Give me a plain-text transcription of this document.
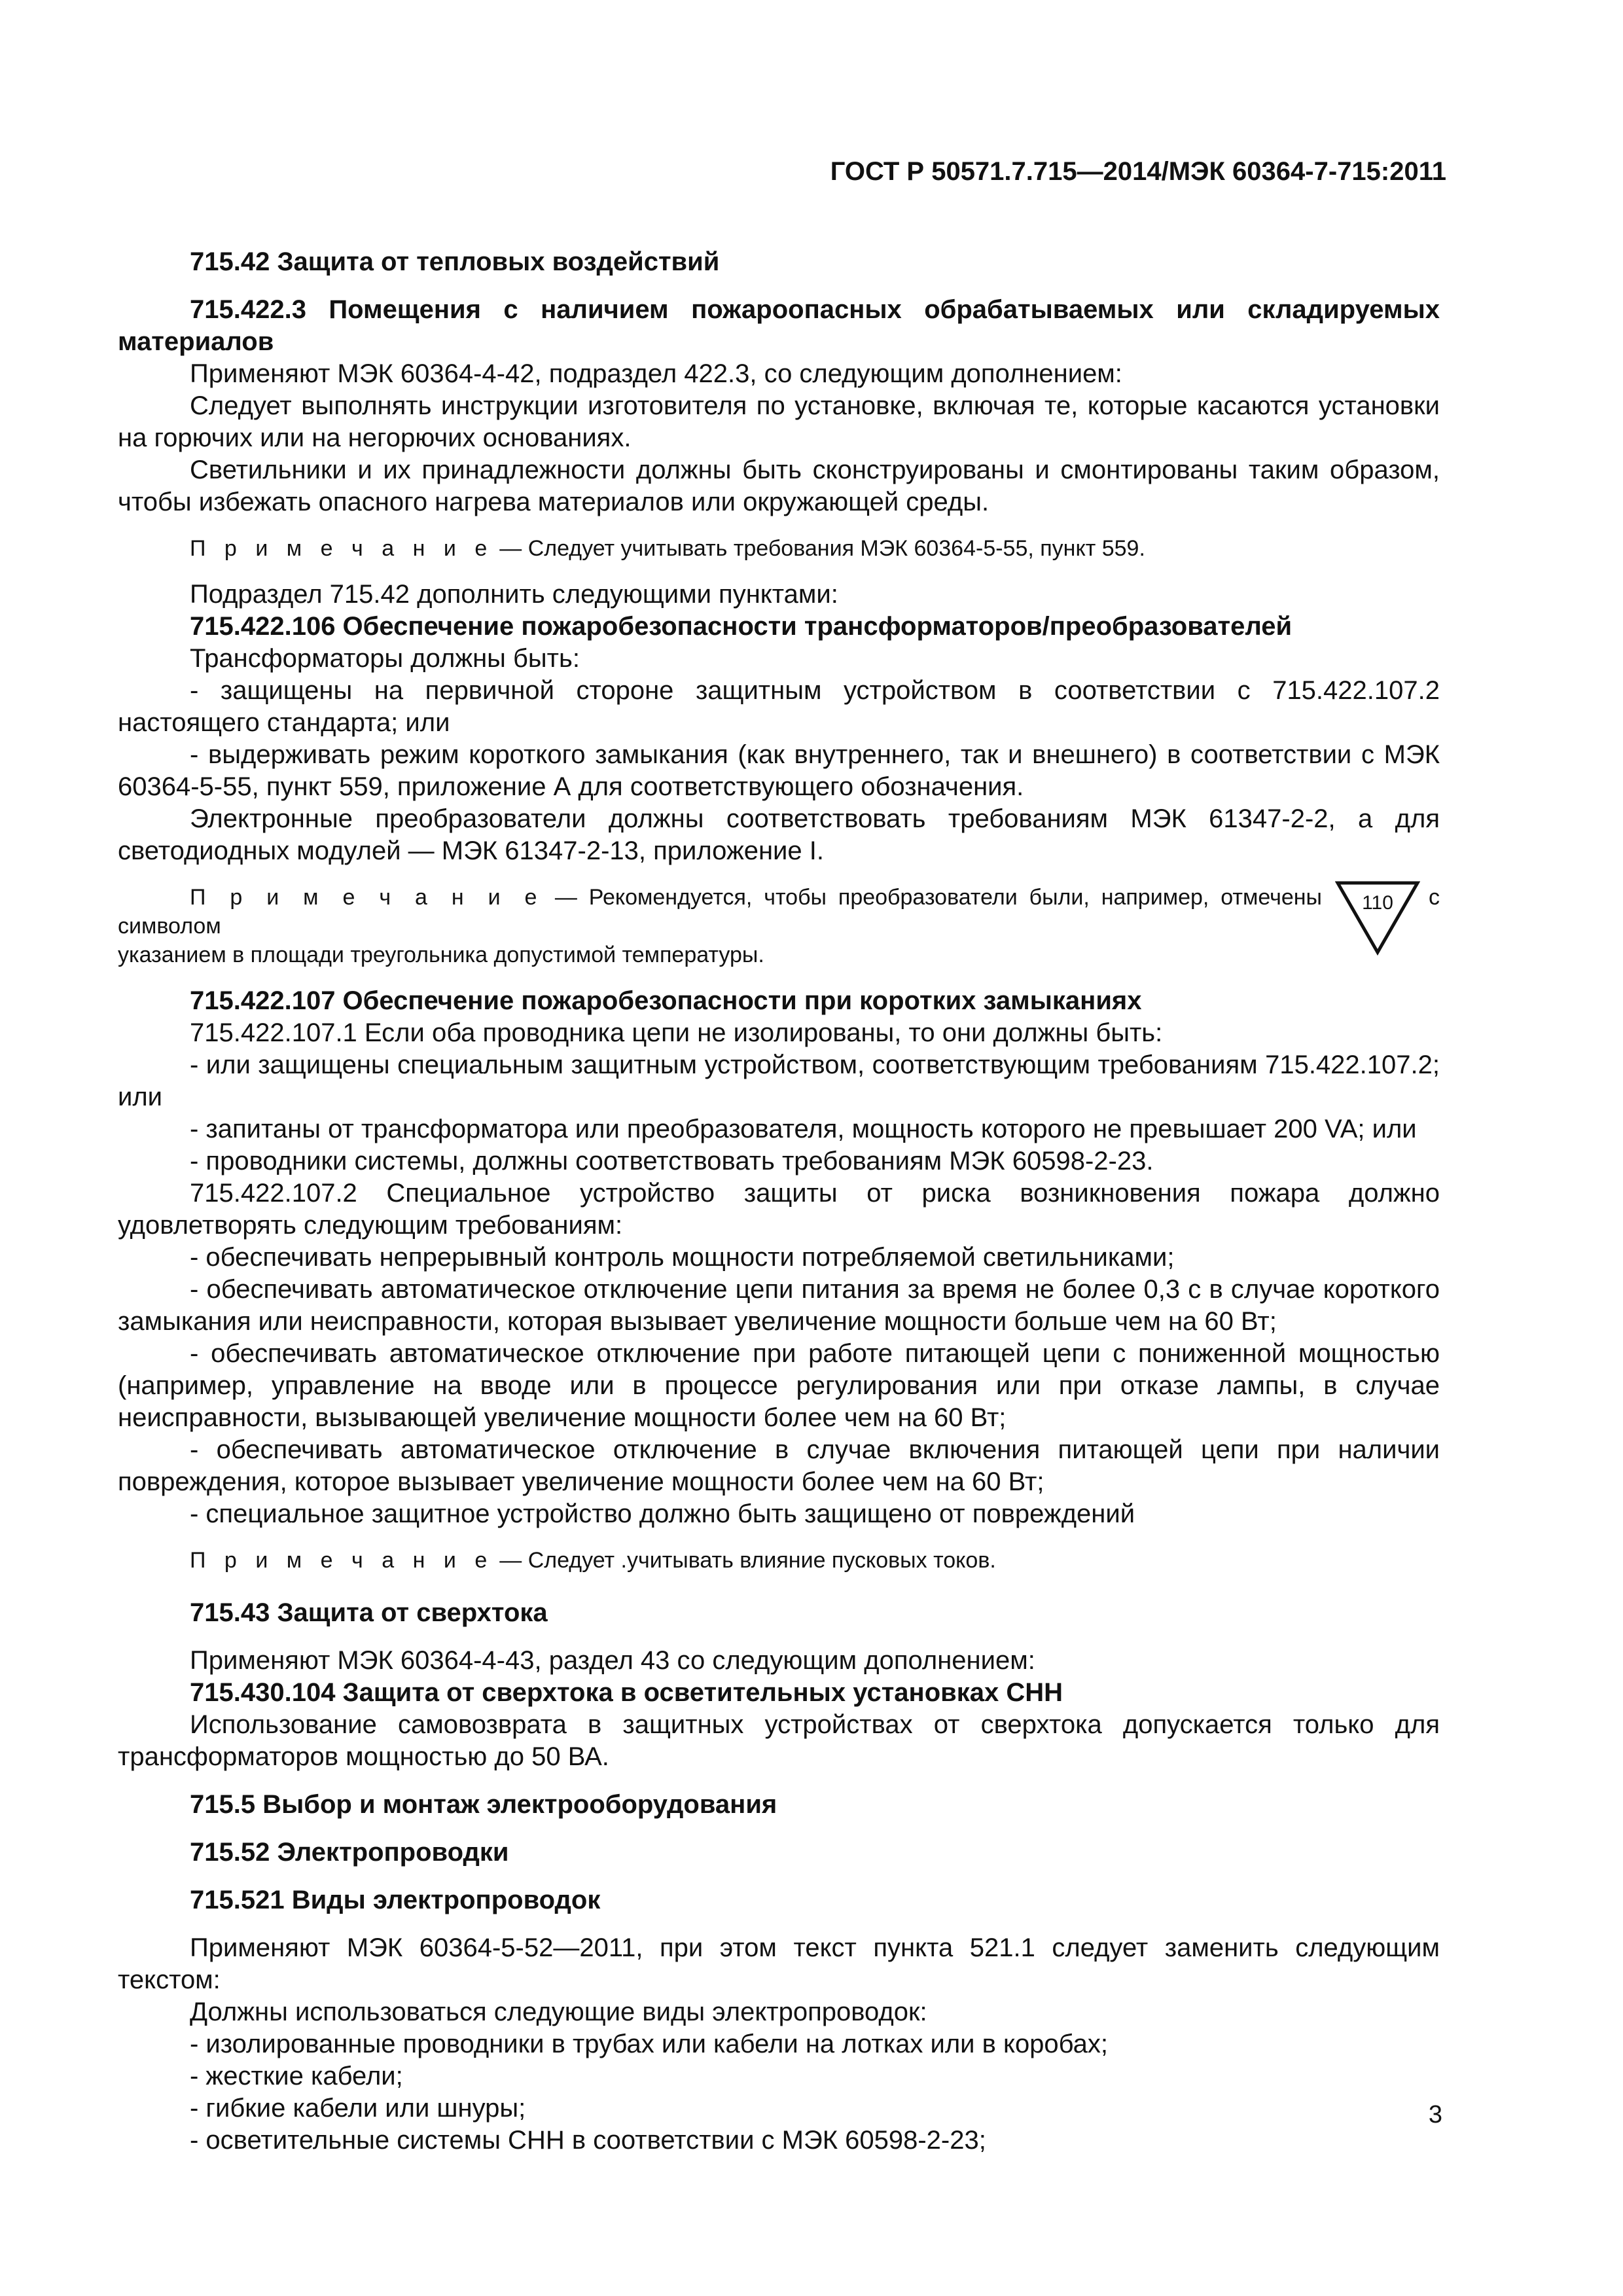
ГОСТ Р 50571.7.715—2014/МЭК 60364-7-715:2011

715.42 Защита от тепловых воздействий

715.422.3 Помещения с наличием пожароопасных обрабатываемых или складируемых материалов

Применяют МЭК 60364-4-42, подраздел 422.3, со следующим дополнением:

Следует выполнять инструкции изготовителя по установке, включая те, которые касаются установки на горючих или на негорючих основаниях.

Светильники и их принадлежности должны быть сконструированы и смонтированы таким образом, чтобы избежать опасного нагрева материалов или окружающей среды.

П р и м е ч а н и е — Следует учитывать требования МЭК 60364-5-55, пункт 559.

Подраздел 715.42 дополнить следующими пунктами:

715.422.106 Обеспечение пожаробезопасности трансформаторов/преобразователей

Трансформаторы должны быть:

- защищены на первичной стороне защитным устройством в соответствии с 715.422.107.2 настоящего стандарта; или

- выдерживать режим короткого замыкания (как внутреннего, так и внешнего) в соответствии с МЭК 60364-5-55, пункт 559, приложение А для соответствующего обозначения.

Электронные преобразователи должны соответствовать требованиям МЭК 61347-2-2, а для светодиодных модулей — МЭК 61347-2-13, приложение I.

П р и м е ч а н и е — Рекомендуется, чтобы преобразователи были, например, отмечены символом
110	с

указанием в площади треугольника допустимой температуры.

715.422.107 Обеспечение пожаробезопасности при коротких замыканиях

715.422.107.1 Если оба проводника цепи не изолированы, то они должны быть:

- или защищены специальным защитным устройством, соответствующим требованиям 715.422.107.2; или

- запитаны от трансформатора или преобразователя, мощность которого не превышает 200 VA; или

- проводники системы, должны соответствовать требованиям МЭК 60598-2-23.

715.422.107.2 Специальное устройство защиты от риска возникновения пожара должно удовлетворять следующим требованиям:

- обеспечивать непрерывный контроль мощности потребляемой светильниками;

- обеспечивать автоматическое отключение цепи питания за время не более 0,3 с в случае короткого замыкания или неисправности, которая вызывает увеличение мощности больше чем на 60 Вт;

- обеспечивать автоматическое отключение при работе питающей цепи с пониженной мощностью (например, управление на вводе или в процессе регулирования или при отказе лампы, в случае неисправности, вызывающей увеличение мощности более чем на 60 Вт;

- обеспечивать автоматическое отключение в случае включения питающей цепи при наличии повреждения, которое вызывает увеличение мощности более чем на 60 Вт;

- специальное защитное устройство должно быть защищено от повреждений

П р и м е ч а н и е — Следует .учитывать влияние пусковых токов.

715.43 Защита от сверхтока

Применяют МЭК 60364-4-43, раздел 43 со следующим дополнением:

715.430.104 Защита от сверхтока в осветительных установках СНН

Использование самовозврата в защитных устройствах от сверхтока допускается только для трансформаторов мощностью до 50 ВА.

715.5 Выбор и монтаж электрооборудования

715.52 Электропроводки

715.521 Виды электропроводок

Применяют МЭК 60364-5-52—2011, при этом текст пункта 521.1 следует заменить следующим текстом:

Должны использоваться следующие виды электропроводок:

- изолированные проводники в трубах или кабели на лотках или в коробах;

- жесткие кабели;

- гибкие кабели или шнуры;

- осветительные системы СНН в соответствии с МЭК 60598-2-23;

3
